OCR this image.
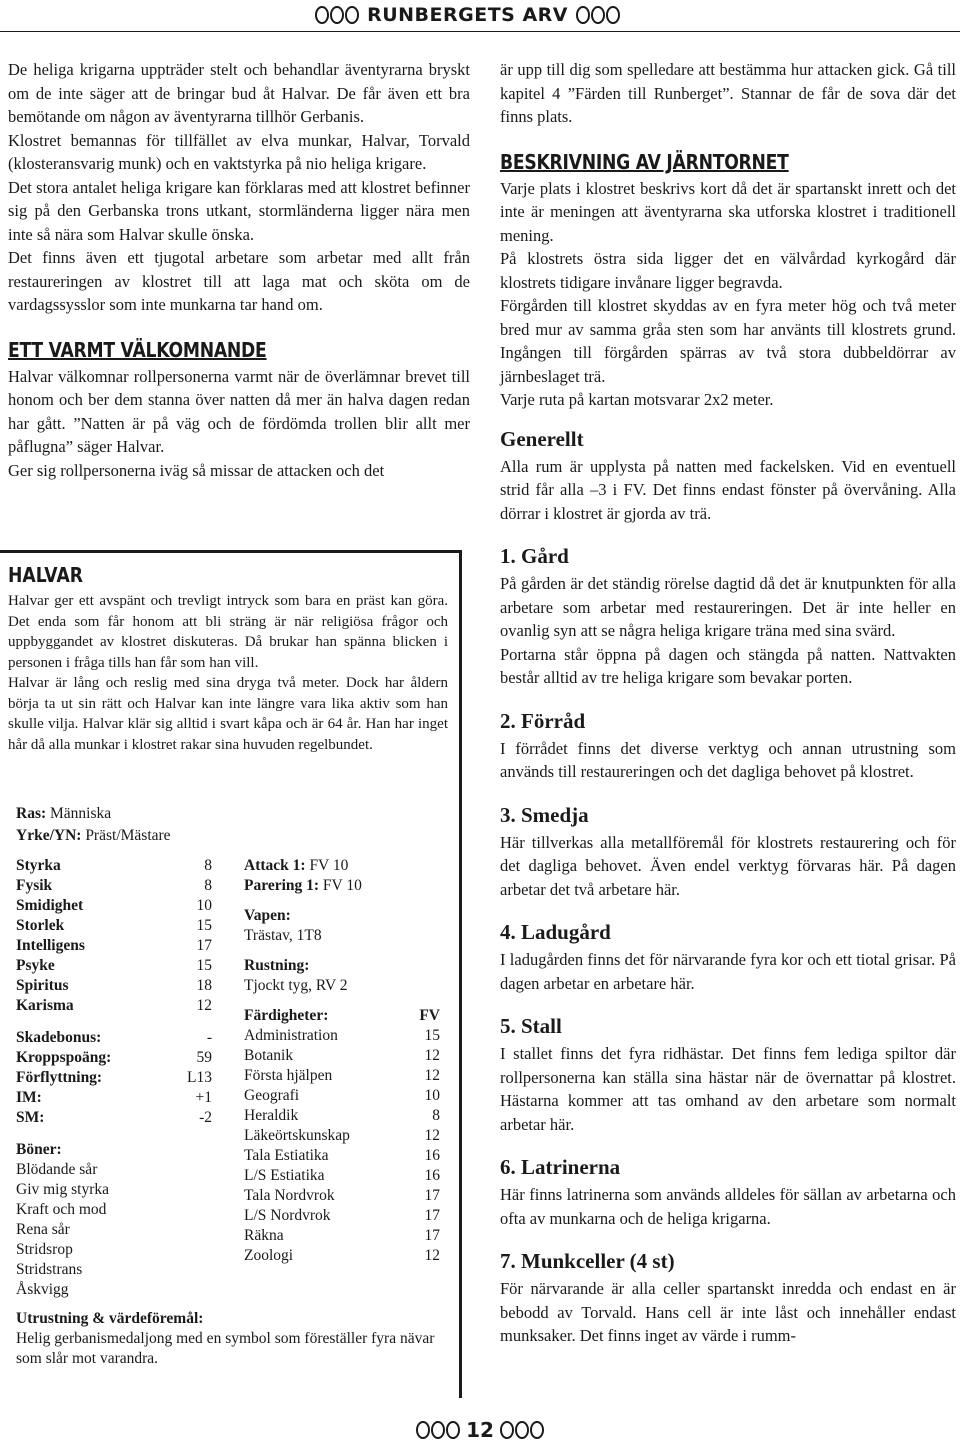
RUNBERGETS ARV

De heliga krigarna uppträder stelt och behandlar äventyrarna bryskt om de inte säger att de bringar bud åt Halvar. De får även ett bra bemötande om någon av äventyrarna tillhör Gerbanis.

Klostret bemannas för tillfället av elva munkar, Halvar, Torvald (klosteransvarig munk) och en vaktstyrka på nio heliga krigare.

Det stora antalet heliga krigare kan förklaras med att klostret befinner sig på den Gerbanska trons utkant, stormländerna ligger nära men inte så nära som Halvar skulle önska.

Det finns även ett tjugotal arbetare som arbetar med allt från restaureringen av klostret till att laga mat och sköta om de vardagssysslor som inte munkarna tar hand om.

ETT VARMT VÄLKOMNANDE

Halvar välkomnar rollpersonerna varmt när de överlämnar brevet till honom och ber dem stanna över natten då mer än halva dagen redan har gått. ”Natten är på väg och de fördömda trollen blir allt mer påflugna” säger Halvar.

Ger sig rollpersonerna iväg så missar de attacken och det

HALVAR

Halvar ger ett avspänt och trevligt intryck som bara en präst kan göra. Det enda som får honom att bli sträng är när religiösa frågor och uppbyggandet av klostret diskuteras. Då brukar han spänna blicken i personen i fråga tills han får som han vill.

Halvar är lång och reslig med sina dryga två meter. Dock har åldern börja ta ut sin rätt och Halvar kan inte längre vara lika aktiv som han skulle vilja. Halvar klär sig alltid i svart kåpa och är 64 år. Han har inget hår då alla munkar i klostret rakar sina huvuden regelbundet.

Ras: Människa
Yrke/YN: Präst/Mästare
Styrka	8
Fysik	8
Smidighet	10
Storlek	15
Intelligens	17
Psyke	15
Spiritus	18
Karisma	12
Skadebonus:	-
Kroppspoäng:	59
Förflyttning:	L13
IM:	+1
SM:	-2
Böner:
Blödande sår
Giv mig styrka
Kraft och mod
Rena sår
Stridsrop
Stridstrans
Åskvigg
Attack 1: FV 10
Parering 1: FV 10
Vapen:
Trästav, 1T8
Rustning:
Tjockt tyg, RV 2
Färdigheter:	FV
Administration	15
Botanik	12
Första hjälpen	12
Geografi	10
Heraldik	8
Läkeörtskunskap	12
Tala Estiatika	16
L/S Estiatika	16
Tala Nordvrok	17
L/S Nordvrok	17
Räkna	17
Zoologi	12
Utrustning & värdeföremål:
Helig gerbanismedaljong med en symbol som föreställer fyra nävar som slår mot varandra.

är upp till dig som spelledare att bestämma hur attacken gick. Gå till kapitel 4 ”Färden till Runberget”. Stannar de får de sova där det finns plats.

BESKRIVNING AV JÄRNTORNET

Varje plats i klostret beskrivs kort då det är spartanskt inrett och det inte är meningen att äventyrarna ska utforska klostret i traditionell mening.

På klostrets östra sida ligger det en välvårdad kyrkogård där klostrets tidigare invånare ligger begravda.

Förgården till klostret skyddas av en fyra meter hög och två meter bred mur av samma gråa sten som har använts till klostrets grund. Ingången till förgården spärras av två stora dubbeldörrar av järnbeslaget trä.

Varje ruta på kartan motsvarar 2x2 meter.

Generellt

Alla rum är upplysta på natten med fackelsken. Vid en eventuell strid får alla –3 i FV. Det finns endast fönster på övervåning. Alla dörrar i klostret är gjorda av trä.

1. Gård

På gården är det ständig rörelse dagtid då det är knutpunkten för alla arbetare som arbetar med restaureringen. Det är inte heller en ovanlig syn att se några heliga krigare träna med sina svärd.

Portarna står öppna på dagen och stängda på natten. Nattvakten består alltid av tre heliga krigare som bevakar porten.

2. Förråd

I förrådet finns det diverse verktyg och annan utrustning som används till restaureringen och det dagliga behovet på klostret.

3. Smedja

Här tillverkas alla metallföremål för klostrets restaurering och för det dagliga behovet. Även endel verktyg förvaras här. På dagen arbetar det två arbetare här.

4. Ladugård

I ladugården finns det för närvarande fyra kor och ett tiotal grisar. På dagen arbetar en arbetare här.

5. Stall

I stallet finns det fyra ridhästar. Det finns fem lediga spiltor där rollpersonerna kan ställa sina hästar när de övernattar på klostret. Hästarna kommer att tas omhand av den arbetare som normalt arbetar här.

6. Latrinerna

Här finns latrinerna som används alldeles för sällan av arbetarna och ofta av munkarna och de heliga krigarna.

7. Munkceller (4 st)

För närvarande är alla celler spartanskt inredda och endast en är bebodd av Torvald. Hans cell är inte låst och innehåller endast munksaker. Det finns inget av värde i rumm-

12
